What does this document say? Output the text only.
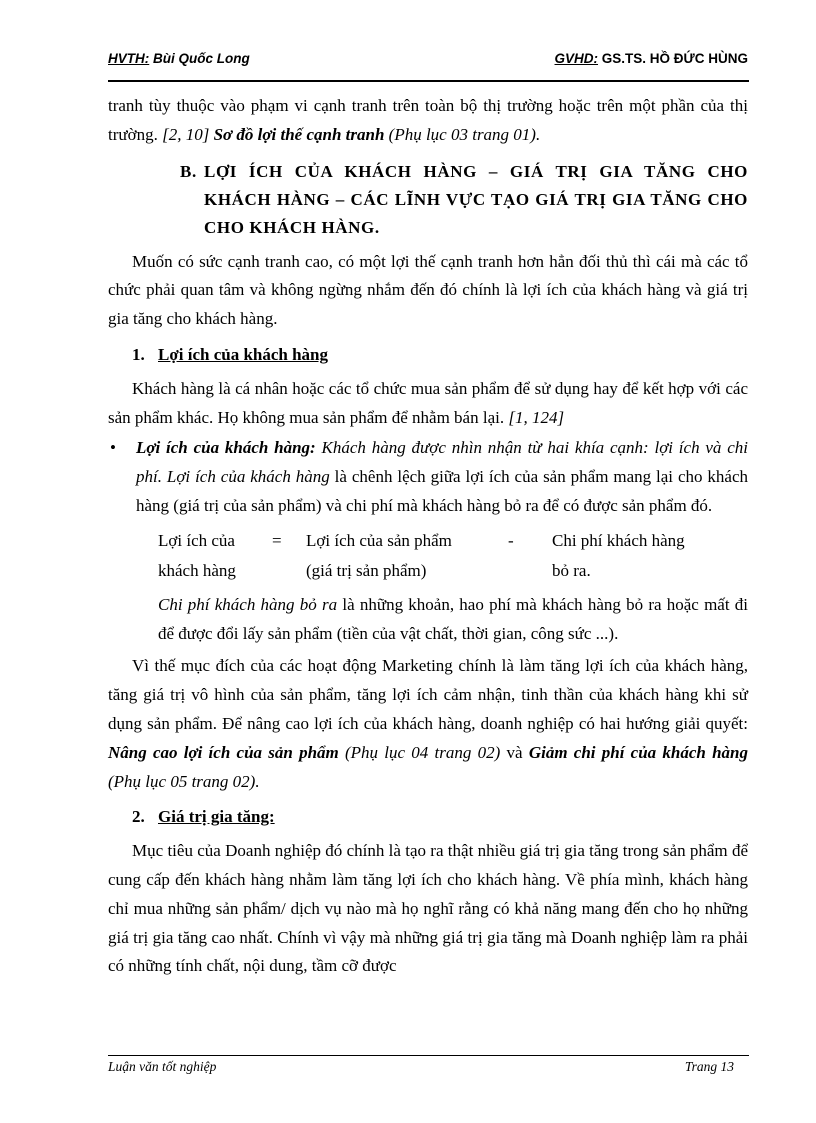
HVTH: Bùi Quốc Long	GVHD: GS.TS. HỒ ĐỨC HÙNG

tranh tùy thuộc vào phạm vi cạnh tranh trên toàn bộ thị trường hoặc trên một phần của thị trường. [2, 10] Sơ đồ lợi thế cạnh tranh (Phụ lục 03 trang 01).

B. LỢI ÍCH CỦA KHÁCH HÀNG – GIÁ TRỊ GIA TĂNG CHO KHÁCH HÀNG – CÁC LĨNH VỰC TẠO GIÁ TRỊ GIA TĂNG CHO CHO KHÁCH HÀNG.

Muốn có sức cạnh tranh cao, có một lợi thế cạnh tranh hơn hẳn đối thủ thì cái mà các tổ chức phải quan tâm và không ngừng nhắm đến đó chính là lợi ích của khách hàng và giá trị gia tăng cho khách hàng.

1. Lợi ích của khách hàng

Khách hàng là cá nhân hoặc các tổ chức mua sản phẩm để sử dụng hay để kết hợp với các sản phẩm khác. Họ không mua sản phẩm để nhằm bán lại. [1, 124]

•	Lợi ích của khách hàng: Khách hàng được nhìn nhận từ hai khía cạnh: lợi ích và chi phí. Lợi ích của khách hàng là chênh lệch giữa lợi ích của sản phẩm mang lại cho khách hàng (giá trị của sản phẩm) và chi phí mà khách hàng bỏ ra để có được sản phẩm đó.

Lợi ích của = Lợi ích của sản phẩm	- Chi phí khách hàng
khách hàng	(giá trị sản phẩm)	bỏ ra.

Chi phí khách hàng bỏ ra là những khoản, hao phí mà khách hàng bỏ ra hoặc mất đi để được đổi lấy sản phẩm (tiền của vật chất, thời gian, công sức ...).

Vì thế mục đích của các hoạt động Marketing chính là làm tăng lợi ích của khách hàng, tăng giá trị vô hình của sản phẩm, tăng lợi ích cảm nhận, tinh thần của khách hàng khi sử dụng sản phẩm. Để nâng cao lợi ích của khách hàng, doanh nghiệp có hai hướng giải quyết: Nâng cao lợi ích của sản phẩm (Phụ lục 04 trang 02) và Giảm chi phí của khách hàng (Phụ lục 05 trang 02).

2. Giá trị gia tăng:

Mục tiêu của Doanh nghiệp đó chính là tạo ra thật nhiều giá trị gia tăng trong sản phẩm để cung cấp đến khách hàng nhằm làm tăng lợi ích cho khách hàng. Về phía mình, khách hàng chỉ mua những sản phẩm/ dịch vụ nào mà họ nghĩ rằng có khả năng mang đến cho họ những giá trị gia tăng cao nhất. Chính vì vậy mà những giá trị gia tăng mà Doanh nghiệp làm ra phải có những tính chất, nội dung, tầm cỡ được

Luận văn tốt nghiệp	Trang 13
